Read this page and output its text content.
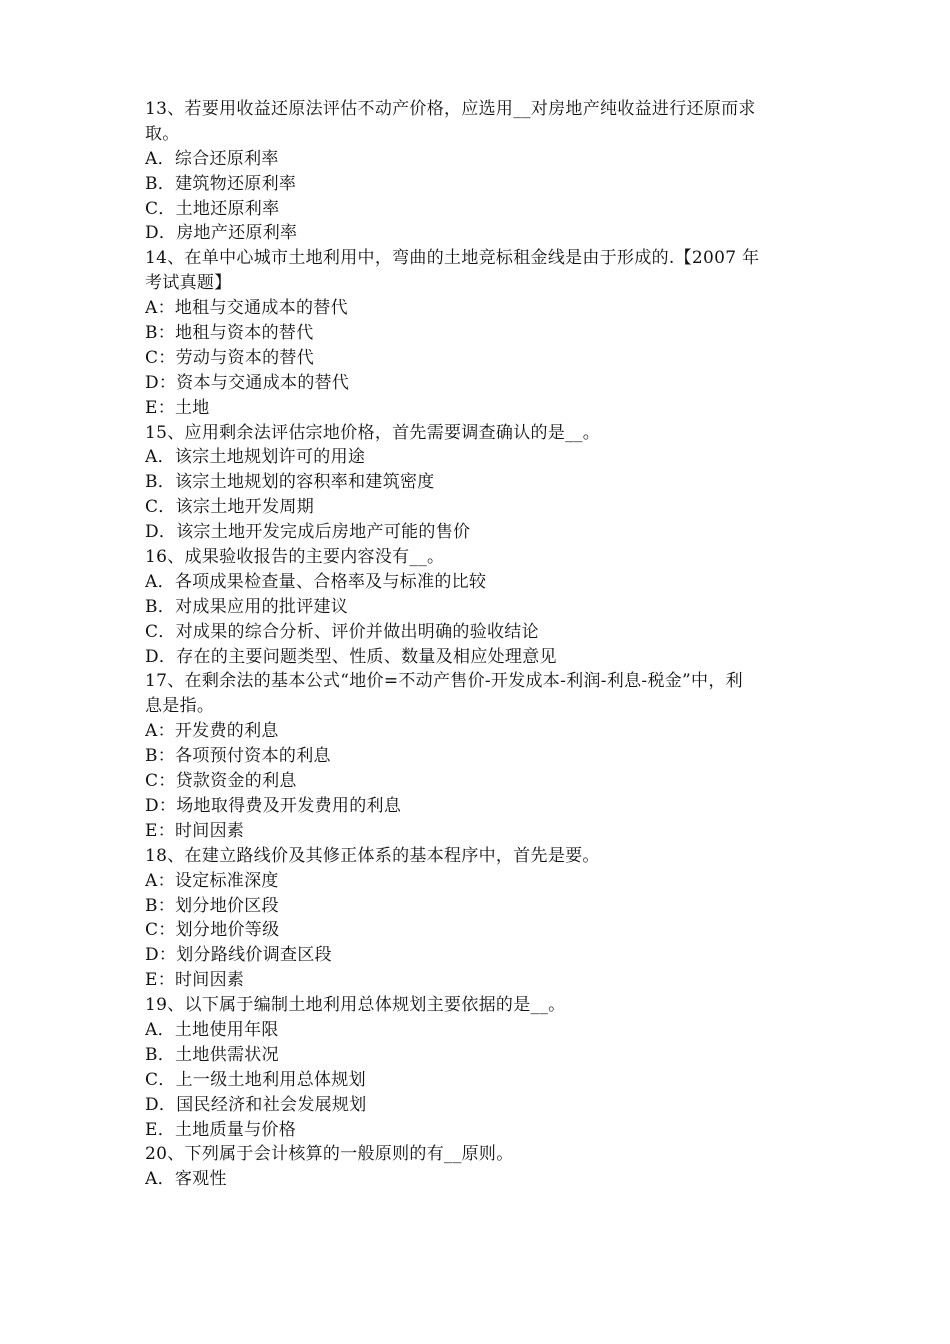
13、若要用收益还原法评估不动产价格，应选用__对房地产纯收益进行还原而求
取。
A．综合还原利率
B．建筑物还原利率
C．土地还原利率
D．房地产还原利率
14、在单中心城市土地利用中，弯曲的土地竞标租金线是由于形成的.【2007 年
考试真题】
A：地租与交通成本的替代
B：地租与资本的替代
C：劳动与资本的替代
D：资本与交通成本的替代
E：土地
15、应用剩余法评估宗地价格，首先需要调查确认的是__。
A．该宗土地规划许可的用途
B．该宗土地规划的容积率和建筑密度
C．该宗土地开发周期
D．该宗土地开发完成后房地产可能的售价
16、成果验收报告的主要内容没有__。
A．各项成果检查量、合格率及与标准的比较
B．对成果应用的批评建议
C．对成果的综合分析、评价并做出明确的验收结论
D．存在的主要问题类型、性质、数量及相应处理意见
17、在剩余法的基本公式“地价=不动产售价-开发成本-利润-利息-税金”中，利
息是指。
A：开发费的利息
B：各项预付资本的利息
C：贷款资金的利息
D：场地取得费及开发费用的利息
E：时间因素
18、在建立路线价及其修正体系的基本程序中，首先是要。
A：设定标准深度
B：划分地价区段
C：划分地价等级
D：划分路线价调查区段
E：时间因素
19、以下属于编制土地利用总体规划主要依据的是__。
A．土地使用年限
B．土地供需状况
C．上一级土地利用总体规划
D．国民经济和社会发展规划
E．土地质量与价格
20、下列属于会计核算的一般原则的有__原则。
A．客观性
